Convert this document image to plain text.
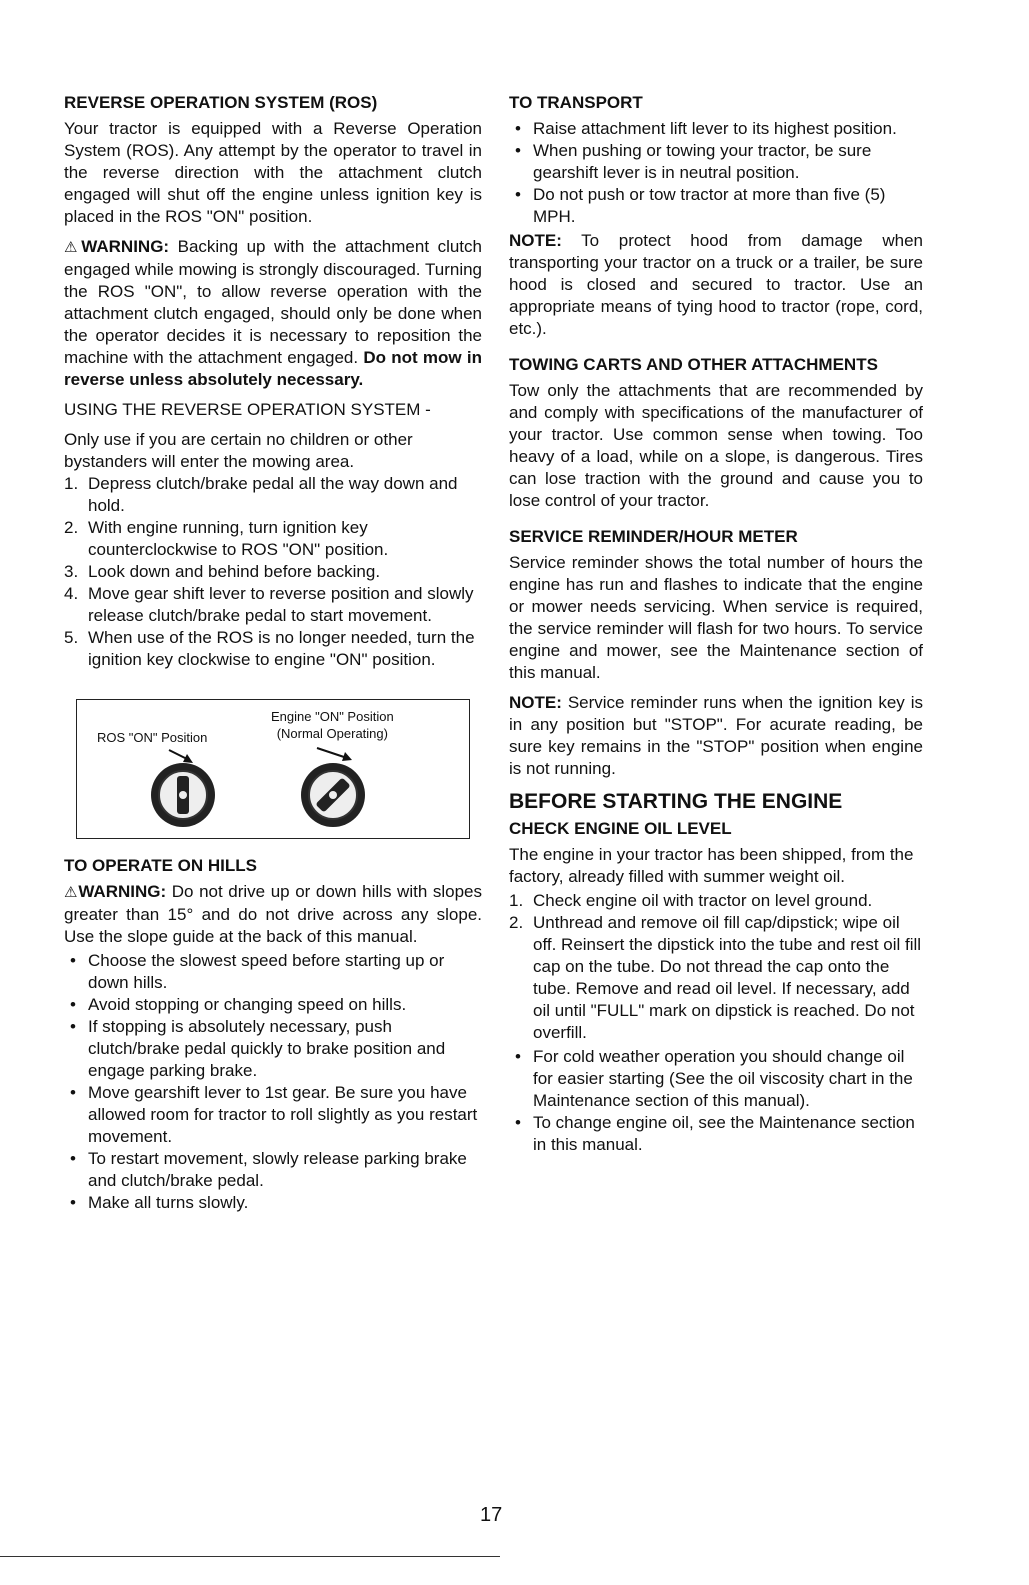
REVERSE OPERATION SYSTEM (ROS)

Your tractor is equipped with a Reverse Operation System (ROS). Any attempt by the operator to travel in the reverse direction with the attachment clutch engaged will shut off the engine unless ignition key is placed in the ROS "ON" position.

⚠WARNING: Backing up with the attachment clutch engaged while mowing is strongly discouraged. Turning the ROS "ON", to allow reverse operation with the attachment clutch engaged, should only be done when the operator decides it is necessary to reposition the machine with the attachment engaged. Do not mow in reverse unless absolutely necessary.

USING THE REVERSE OPERATION SYSTEM -

Only use if you are certain no children or other bystanders will enter the mowing area.

1. Depress clutch/brake pedal all the way down and hold.
2. With engine running, turn ignition key counterclockwise to ROS "ON" position.
3. Look down and behind before backing.
4. Move gear shift lever to reverse position and slowly release clutch/brake pedal to start movement.
5. When use of the ROS is no longer needed, turn the ignition key clockwise to engine "ON" position.
ROS "ON" Position
Engine "ON" Position
(Normal Operating)
TO OPERATE ON HILLS

⚠WARNING: Do not drive up or down hills with slopes greater than 15° and do not drive across any slope. Use the slope guide at the back of this manual.

• Choose the slowest speed before starting up or down hills.
• Avoid stopping or changing speed on hills.
• If stopping is absolutely necessary, push clutch/brake pedal quickly to brake position and engage parking brake.
• Move gearshift lever to 1st gear. Be sure you have allowed room for tractor to roll slightly as you restart movement.
• To restart movement, slowly release parking brake and clutch/brake pedal.
• Make all turns slowly.
TO TRANSPORT
• Raise attachment lift lever to its highest position.
• When pushing or towing your tractor, be sure gearshift lever is in neutral position.
• Do not push or tow tractor at more than five (5) MPH.

NOTE: To protect hood from damage when transporting your tractor on a truck or a trailer, be sure hood is closed and secured to tractor. Use an appropriate means of tying hood to tractor (rope, cord, etc.).

TOWING CARTS AND OTHER ATTACHMENTS

Tow only the attachments that are recommended by and comply with specifications of the manufacturer of your tractor. Use common sense when towing. Too heavy of a load, while on a slope, is dangerous. Tires can lose traction with the ground and cause you to lose control of your tractor.

SERVICE REMINDER/HOUR METER

Service reminder shows the total number of hours the engine has run and flashes to indicate that the engine or mower needs servicing. When service is required, the service reminder will flash for two hours. To service engine and mower, see the Maintenance section of this manual.

NOTE: Service reminder runs when the ignition key is in any position but "STOP". For acurate reading, be sure key remains in the "STOP" position when engine is not running.

BEFORE STARTING THE ENGINE
CHECK ENGINE OIL LEVEL

The engine in your tractor has been shipped, from the factory, already filled with summer weight oil.

1. Check engine oil with tractor on level ground.
2. Unthread and remove oil fill cap/dipstick; wipe oil off. Reinsert the dipstick into the tube and rest oil fill cap on the tube. Do not thread the cap onto the tube. Remove and read oil level. If necessary, add oil until "FULL" mark on dipstick is reached. Do not overfill.
• For cold weather operation you should change oil for easier starting (See the oil viscosity chart in the Maintenance section of this manual).
• To change engine oil, see the Maintenance section in this manual.
17
